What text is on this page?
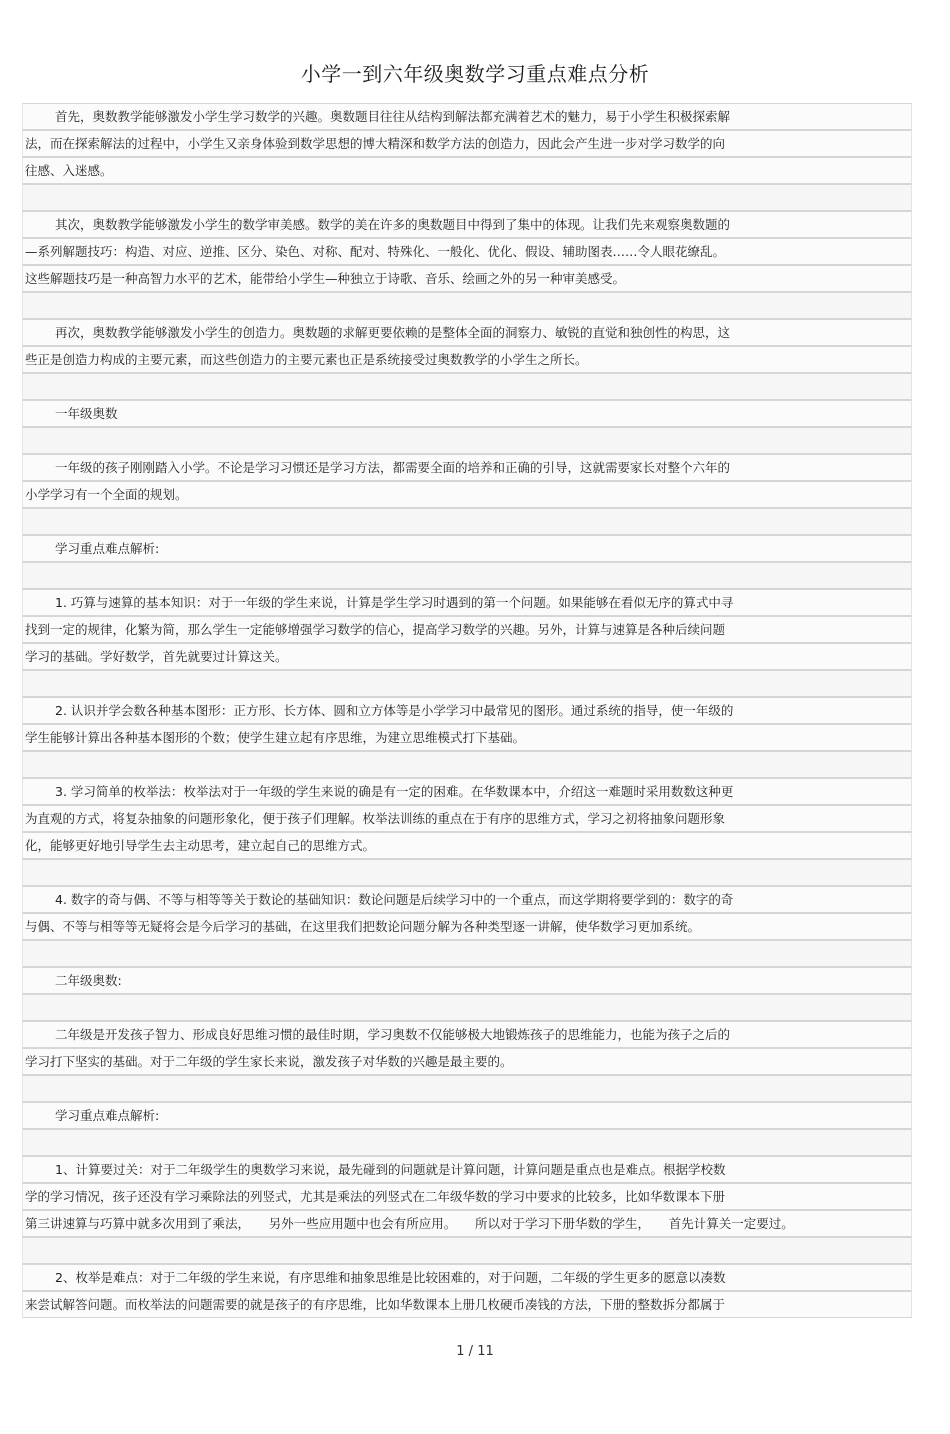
小学一到六年级奥数学习重点难点分析
首先，奥数教学能够激发小学生学习数学的兴趣。奥数题目往往从结构到解法都充满着艺术的魅力，易于小学生积极探索解
法，而在探索解法的过程中，小学生又亲身体验到数学思想的博大精深和数学方法的创造力，因此会产生进一步对学习数学的向
往感、入迷感。
其次，奥数教学能够激发小学生的数学审美感。数学的美在许多的奥数题目中得到了集中的体现。让我们先来观察奥数题的
—系列解题技巧：构造、对应、逆推、区分、染色、对称、配对、特殊化、一般化、优化、假设、辅助图表……令人眼花缭乱。
这些解题技巧是一种高智力水平的艺术，能带给小学生—种独立于诗歌、音乐、绘画之外的另一种审美感受。
再次，奥数教学能够激发小学生的创造力。奥数题的求解更要依赖的是整体全面的洞察力、敏锐的直觉和独创性的构思，这
些正是创造力构成的主要元素，而这些创造力的主要元素也正是系统接受过奥数教学的小学生之所长。
一年级奥数
一年级的孩子刚刚踏入小学。不论是学习习惯还是学习方法，都需要全面的培养和正确的引导，这就需要家长对整个六年的
小学学习有一个全面的规划。
学习重点难点解析:
1. 巧算与速算的基本知识：对于一年级的学生来说，计算是学生学习时遇到的第一个问题。如果能够在看似无序的算式中寻
找到一定的规律，化繁为简，那么学生一定能够增强学习数学的信心，提高学习数学的兴趣。另外，计算与速算是各种后续问题
学习的基础。学好数学，首先就要过计算这关。
2. 认识并学会数各种基本图形：正方形、长方体、圆和立方体等是小学学习中最常见的图形。通过系统的指导，使一年级的
学生能够计算出各种基本图形的个数；使学生建立起有序思维，为建立思维模式打下基础。
3. 学习简单的枚举法：枚举法对于一年级的学生来说的确是有一定的困难。在华数课本中，介绍这一难题时采用数数这种更
为直观的方式，将复杂抽象的问题形象化，便于孩子们理解。枚举法训练的重点在于有序的思维方式，学习之初将抽象问题形象
化，能够更好地引导学生去主动思考，建立起自己的思维方式。
4. 数字的奇与偶、不等与相等等关于数论的基础知识：数论问题是后续学习中的一个重点，而这学期将要学到的：数字的奇
与偶、不等与相等等无疑将会是今后学习的基础，在这里我们把数论问题分解为各种类型逐一讲解，使华数学习更加系统。
二年级奥数:
二年级是开发孩子智力、形成良好思维习惯的最佳时期，学习奥数不仅能够极大地锻炼孩子的思维能力，也能为孩子之后的
学习打下坚实的基础。对于二年级的学生家长来说，激发孩子对华数的兴趣是最主要的。
学习重点难点解析:
1、计算要过关：对于二年级学生的奥数学习来说，最先碰到的问题就是计算问题，计算问题是重点也是难点。根据学校数
学的学习情况，孩子还没有学习乘除法的列竖式，尤其是乘法的列竖式在二年级华数的学习中要求的比较多，比如华数课本下册
第三讲速算与巧算中就多次用到了乘法，　　另外一些应用题中也会有所应用。　　所以对于学习下册华数的学生，　　首先计算关一定要过。
2、枚举是难点：对于二年级的学生来说，有序思维和抽象思维是比较困难的，对于问题，二年级的学生更多的愿意以凑数
来尝试解答问题。而枚举法的问题需要的就是孩子的有序思维，比如华数课本上册几枚硬币凑钱的方法，下册的整数拆分都属于
1 / 11
